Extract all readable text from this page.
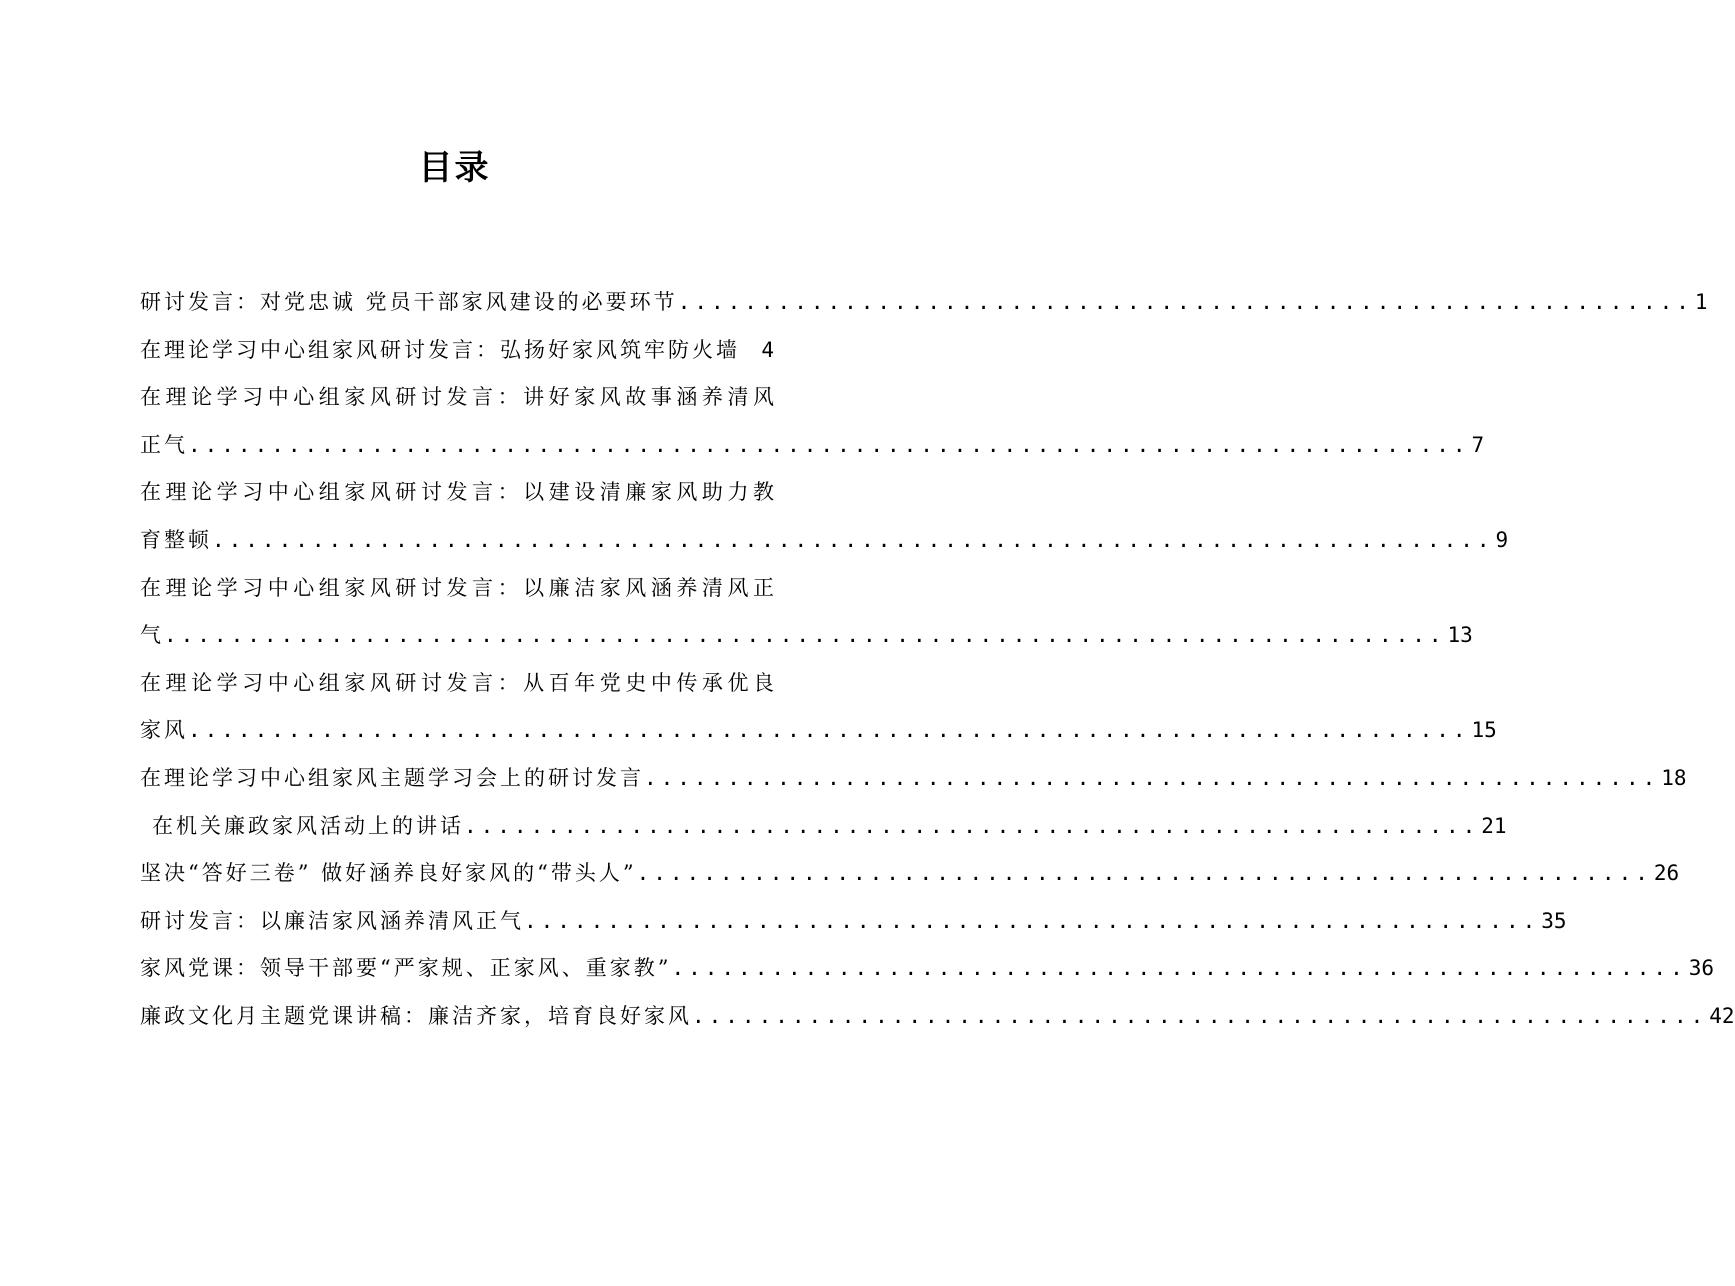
目录
研讨发言：对党忠诚 党员干部家风建设的必要环节 ............................................................. 1
在理论学习中心组家风研讨发言：弘扬好家风筑牢防火墙 4
在理论学习中心组家风研讨发言：讲好家风故事涵养清风
正气 ............................................................................. 7
在理论学习中心组家风研讨发言：以建设清廉家风助力教
育整顿 ............................................................................. 9
在理论学习中心组家风研讨发言：以廉洁家风涵养清风正
气 ............................................................................. 13
在理论学习中心组家风研讨发言：从百年党史中传承优良
家风 ............................................................................. 15
在理论学习中心组家风主题学习会上的研讨发言 ............................................................. 18
在机关廉政家风活动上的讲话 ............................................................. 21
坚决“答好三卷” 做好涵养良好家风的“带头人” ............................................................. 26
研讨发言：以廉洁家风涵养清风正气 ............................................................. 35
家风党课：领导干部要“严家规、正家风、重家教” ............................................................. 36
廉政文化月主题党课讲稿：廉洁齐家，培育良好家风 ............................................................. 42
